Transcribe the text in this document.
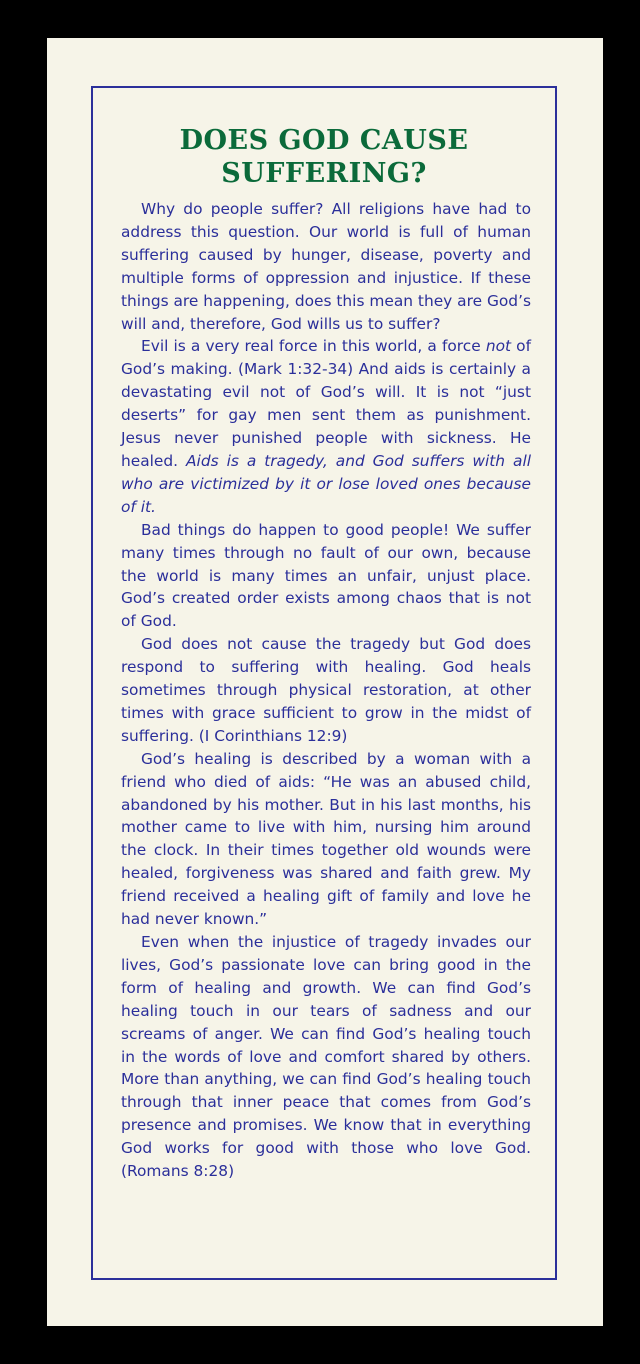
DOES GOD CAUSE
SUFFERING?

Why do people suffer? All religions have had to address this question. Our world is full of human suffering caused by hunger, disease, poverty and multiple forms of oppression and injustice. If these things are happening, does this mean they are God’s will and, therefore, God wills us to suffer?

Evil is a very real force in this world, a force not of God’s making. (Mark 1:32-34) And aids is certainly a devastating evil not of God’s will. It is not “just deserts” for gay men sent them as punishment. Jesus never punished people with sickness. He healed. Aids is a tragedy, and God suffers with all who are victimized by it or lose loved ones because of it.

Bad things do happen to good people! We suffer many times through no fault of our own, because the world is many times an unfair, unjust place. God’s created order exists among chaos that is not of God.

God does not cause the tragedy but God does respond to suffering with healing. God heals sometimes through physical restoration, at other times with grace sufficient to grow in the midst of suffering. (I Corinthians 12:9)

God’s healing is described by a woman with a friend who died of aids: “He was an abused child, abandoned by his mother. But in his last months, his mother came to live with him, nursing him around the clock. In their times together old wounds were healed, forgiveness was shared and faith grew. My friend received a healing gift of family and love he had never known.”

Even when the injustice of tragedy invades our lives, God’s passionate love can bring good in the form of healing and growth. We can find God’s healing touch in our tears of sadness and our screams of anger. We can find God’s healing touch in the words of love and comfort shared by others. More than anything, we can find God’s healing touch through that inner peace that comes from God’s presence and promises. We know that in everything God works for good with those who love God. (Romans 8:28)
